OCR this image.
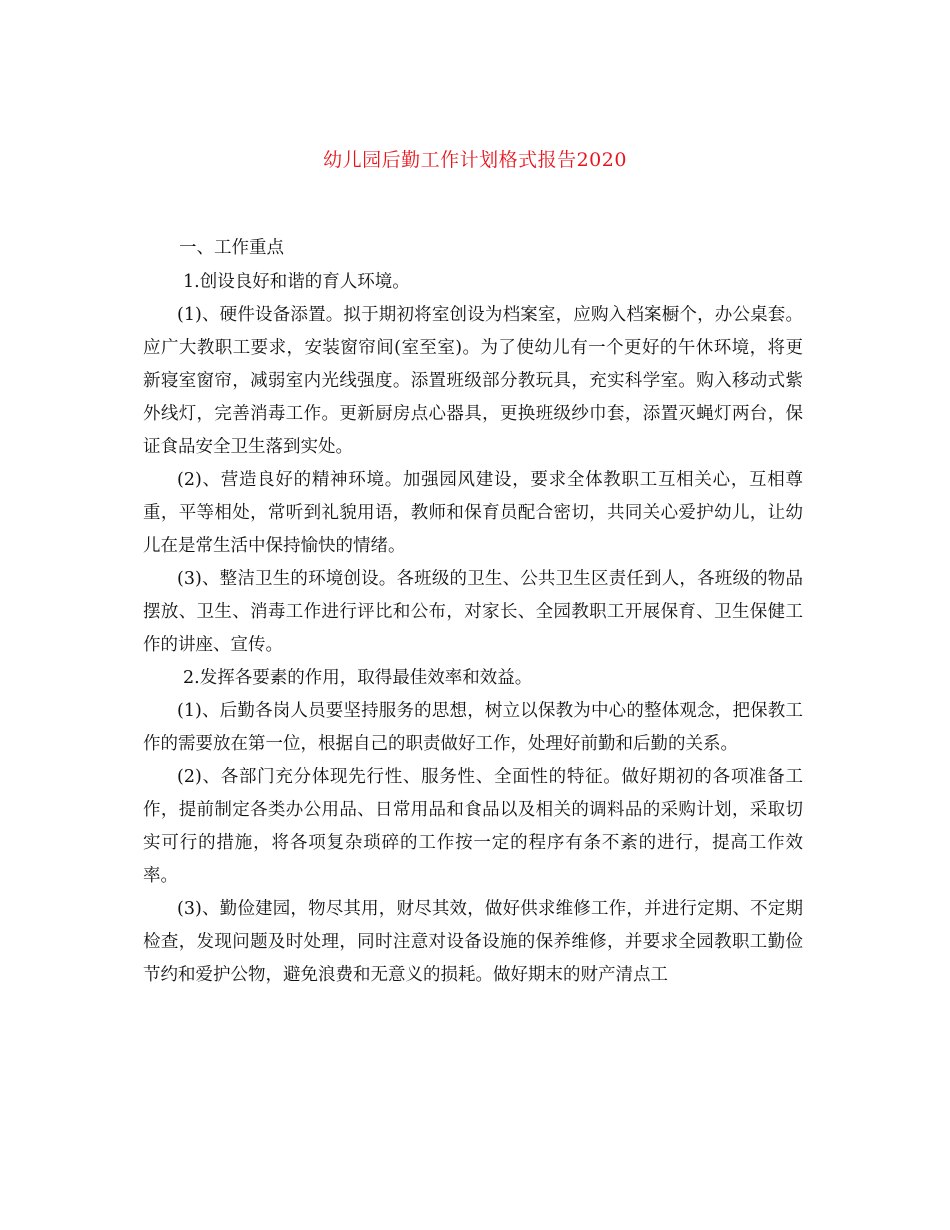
幼儿园后勤工作计划格式报告2020

一、工作重点

1.创设良好和谐的育人环境。

(1)、硬件设备添置。拟于期初将室创设为档案室，应购入档案橱个，办公桌套。应广大教职工要求，安装窗帘间(室至室)。为了使幼儿有一个更好的午休环境，将更新寝室窗帘，减弱室内光线强度。添置班级部分教玩具，充实科学室。购入移动式紫外线灯，完善消毒工作。更新厨房点心器具，更换班级纱巾套，添置灭蝇灯两台，保证食品安全卫生落到实处。

(2)、营造良好的精神环境。加强园风建设，要求全体教职工互相关心，互相尊重，平等相处，常听到礼貌用语，教师和保育员配合密切，共同关心爱护幼儿，让幼儿在是常生活中保持愉快的情绪。

(3)、整洁卫生的环境创设。各班级的卫生、公共卫生区责任到人，各班级的物品摆放、卫生、消毒工作进行评比和公布，对家长、全园教职工开展保育、卫生保健工作的讲座、宣传。

2.发挥各要素的作用，取得最佳效率和效益。

(1)、后勤各岗人员要坚持服务的思想，树立以保教为中心的整体观念，把保教工作的需要放在第一位，根据自己的职责做好工作，处理好前勤和后勤的关系。

(2)、各部门充分体现先行性、服务性、全面性的特征。做好期初的各项准备工作，提前制定各类办公用品、日常用品和食品以及相关的调料品的采购计划，采取切实可行的措施，将各项复杂琐碎的工作按一定的程序有条不紊的进行，提高工作效率。

(3)、勤俭建园，物尽其用，财尽其效，做好供求维修工作，并进行定期、不定期检查，发现问题及时处理，同时注意对设备设施的保养维修，并要求全园教职工勤俭节约和爱护公物，避免浪费和无意义的损耗。做好期末的财产清点工
